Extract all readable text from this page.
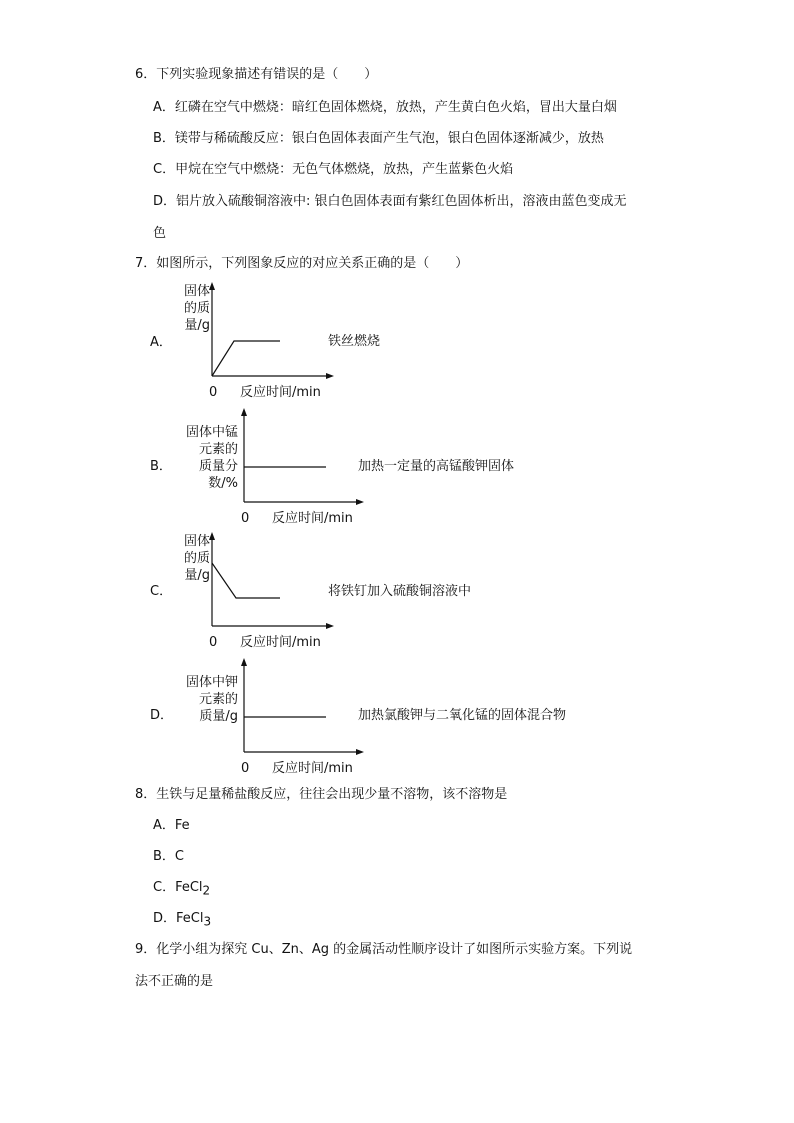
6．下列实验现象描述有错误的是（　　）
A．红磷在空气中燃烧：暗红色固体燃烧，放热，产生黄白色火焰，冒出大量白烟
B．镁带与稀硫酸反应：银白色固体表面产生气泡，银白色固体逐渐减少，放热
C．甲烷在空气中燃烧：无色气体燃烧，放热，产生蓝紫色火焰
D．铝片放入硫酸铜溶液中: 银白色固体表面有紫红色固体析出，溶液由蓝色变成无
色
7．如图所示，下列图象反应的对应关系正确的是（　　）
A．
固体
的质
量/g
0 反应时间/min
铁丝燃烧
B．
固体中锰
元素的
质量分
数/%
0 反应时间/min
加热一定量的高锰酸钾固体
C．
固体
的质
量/g
0 反应时间/min
将铁钉加入硫酸铜溶液中
D．
固体中钾
元素的
质量/g
0 反应时间/min
加热氯酸钾与二氧化锰的固体混合物
8．生铁与足量稀盐酸反应，往往会出现少量不溶物，该不溶物是
A．Fe
B．C
C．FeCl$_2$
D．FeCl$_3$
9．化学小组为探究 Cu、Zn、Ag 的金属活动性顺序设计了如图所示实验方案。下列说
法不正确的是
